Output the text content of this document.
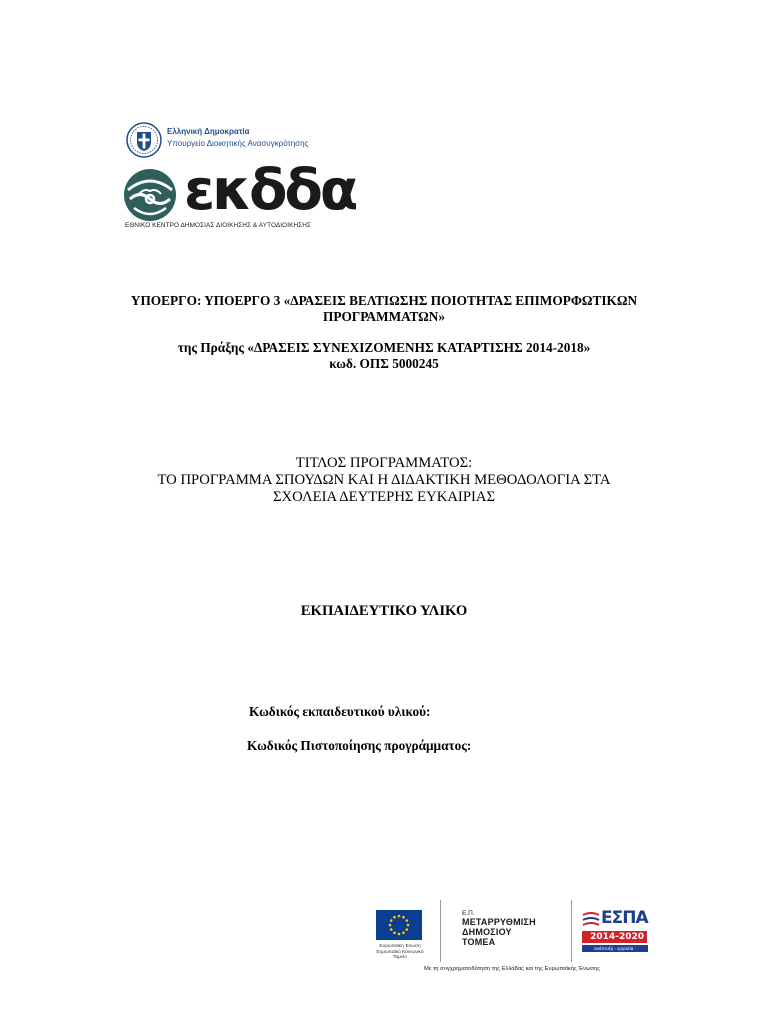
Ελληνική Δημοκρατία
Υπουργείο Διοικητικής Ανασυγκρότησης
εκδδα
ΕΘΝΙΚΟ ΚΕΝΤΡΟ ΔΗΜΟΣΙΑΣ ΔΙΟΙΚΗΣΗΣ & ΑΥΤΟΔΙΟΙΚΗΣΗΣ
ΥΠΟΕΡΓΟ: ΥΠΟΕΡΓΟ 3 «ΔΡΑΣΕΙΣ ΒΕΛΤΙΩΣΗΣ ΠΟΙΟΤΗΤΑΣ ΕΠΙΜΟΡΦΩΤΙΚΩΝ
ΠΡΟΓΡΑΜΜΑΤΩΝ»
της Πράξης «ΔΡΑΣΕΙΣ ΣΥΝΕΧΙΖΟΜΕΝΗΣ ΚΑΤΑΡΤΙΣΗΣ 2014-2018»
κωδ. ΟΠΣ 5000245
ΤΙΤΛΟΣ ΠΡΟΓΡΑΜΜΑΤΟΣ:
ΤΟ ΠΡΟΓΡΑΜΜΑ ΣΠΟΥΔΩΝ ΚΑΙ Η ΔΙΔΑΚΤΙΚΗ ΜΕΘΟΔΟΛΟΓΙΑ ΣΤΑ
ΣΧΟΛΕΙΑ ΔΕΥΤΕΡΗΣ ΕΥΚΑΙΡΙΑΣ
ΕΚΠΑΙΔΕΥΤΙΚΟ ΥΛΙΚΟ
Κωδικός εκπαιδευτικού υλικού:
Κωδικός Πιστοποίησης προγράμματος:
Ευρωπαϊκή Ένωση
Ευρωπαϊκό Κοινωνικό
Ταμείο
Ε.Π.
ΜΕΤΑΡΡΥΘΜΙΣΗ
ΔΗΜΟΣΙΟΥ
ΤΟΜΕΑ
ΕΣΠΑ
2014-2020
ανάπτυξη - εργασία - αλληλεγγύη
Με τη συγχρηματοδότηση της Ελλάδας και της Ευρωπαϊκής Ένωσης
